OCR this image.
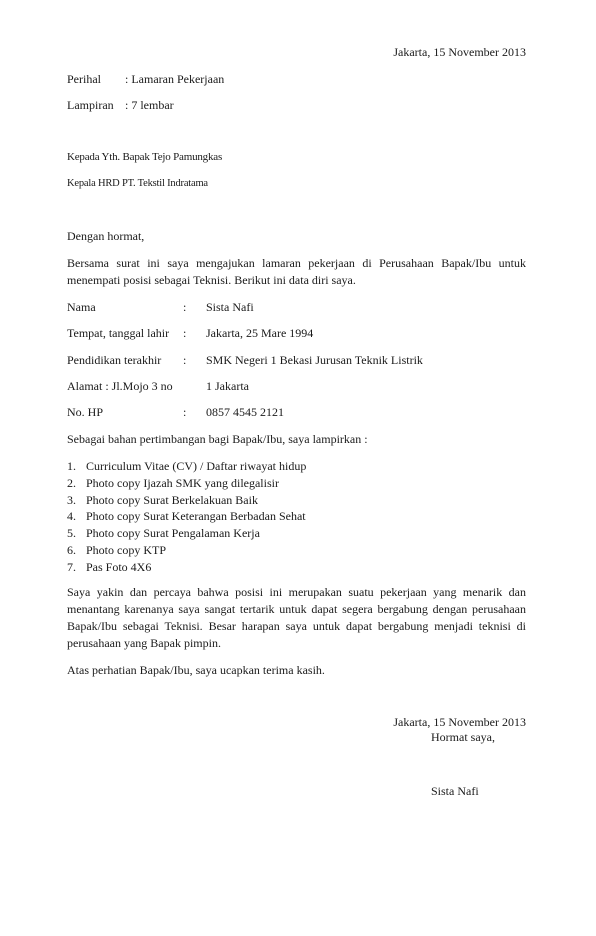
Jakarta, 15 November 2013
Perihal : Lamaran Pekerjaan
Lampiran : 7 lembar
Kepada Yth. Bapak Tejo Pamungkas
Kepala HRD PT. Tekstil Indratama
Dengan hormat,
Bersama surat ini saya mengajukan lamaran pekerjaan di Perusahaan Bapak/Ibu untuk menempati posisi sebagai Teknisi. Berikut ini data diri saya.
Nama	: Sista Nafi
Tempat, tanggal lahir : Jakarta, 25 Mare 1994
Pendidikan terakhir : SMK Negeri 1 Bekasi Jurusan Teknik Listrik
Alamat : Jl.Mojo 3 no	1 Jakarta
No. HP	: 0857 4545 2121
Sebagai bahan pertimbangan bagi Bapak/Ibu, saya lampirkan :
1. Curriculum Vitae (CV) / Daftar riwayat hidup
2. Photo copy Ijazah SMK yang dilegalisir
3. Photo copy Surat Berkelakuan Baik
4. Photo copy Surat Keterangan Berbadan Sehat
5. Photo copy Surat Pengalaman Kerja
6. Photo copy KTP
7. Pas Foto 4X6
Saya yakin dan percaya bahwa posisi ini merupakan suatu pekerjaan yang menarik dan menantang karenanya saya sangat tertarik untuk dapat segera bergabung dengan perusahaan Bapak/Ibu sebagai Teknisi. Besar harapan saya untuk dapat bergabung menjadi teknisi di perusahaan yang Bapak pimpin.
Atas perhatian Bapak/Ibu, saya ucapkan terima kasih.
Jakarta, 15 November 2013
Hormat saya,
Sista Nafi
